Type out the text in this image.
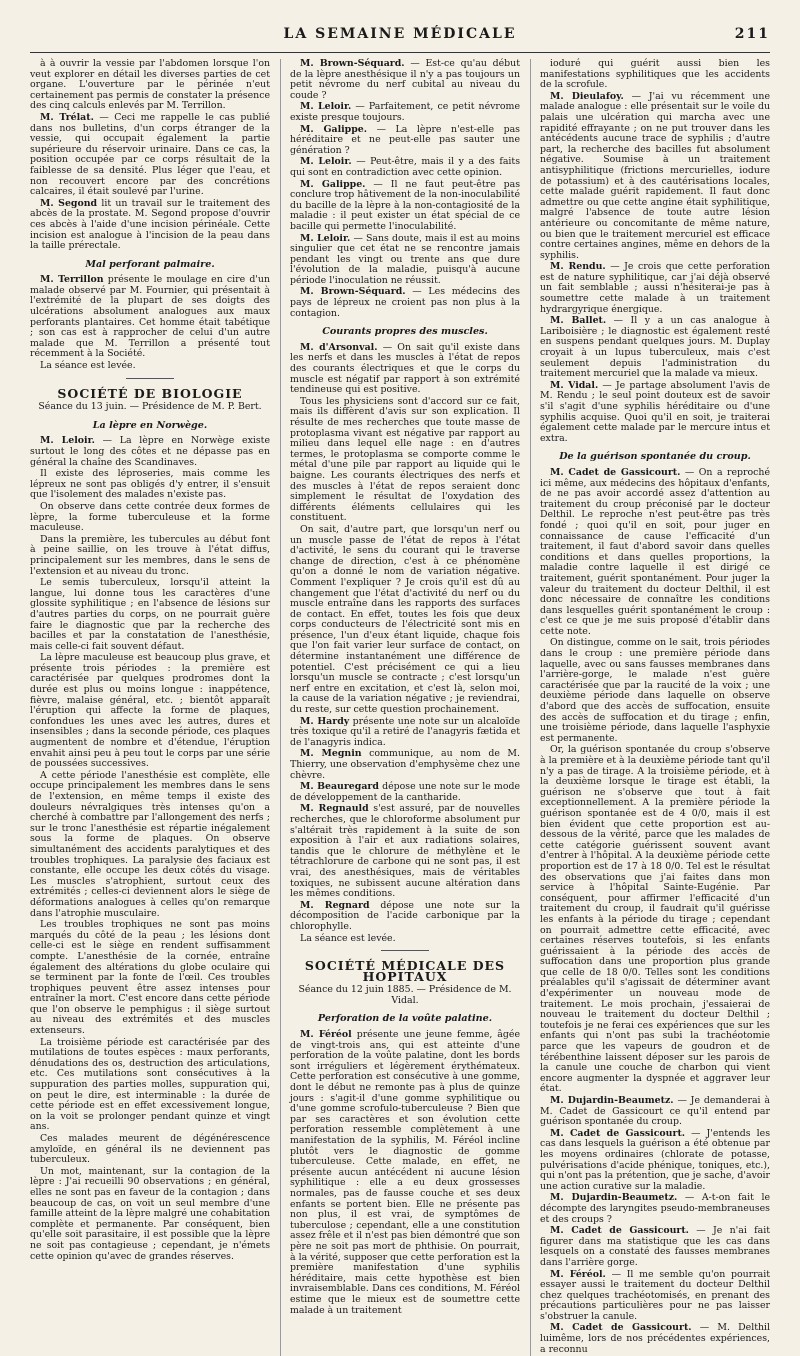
LA SEMAINE MÉDICALE	211

à à ouvrir la vessie par l'abdomen lorsque l'on veut explorer en détail les diverses parties de cet organe. L'ouverture par le périnée n'eut certainement pas permis de constater la présence des cinq calculs enlevés par M. Terrillon.

M. Trélat. — Ceci me rappelle le cas publié dans nos bulletins, d'un corps étranger de la vessie, qui occupait également la partie supérieure du réservoir urinaire. Dans ce cas, la position occupée par ce corps résultait de la faiblesse de sa densité. Plus léger que l'eau, et non recouvert encore par des concrétions calcaires, il était soulevé par l'urine.

M. Segond lit un travail sur le traitement des abcès de la prostate. M. Segond propose d'ouvrir ces abcès à l'aide d'une incision périnéale. Cette incision est analogue à l'incision de la peau dans la taille prérectale.

Mal perforant palmaire.

M. Terrillon présente le moulage en cire d'un malade observé par M. Fournier, qui présentait à l'extrémité de la plupart de ses doigts des ulcérations absolument analogues aux maux perforants plantaires. Cet homme était tabétique ; son cas est à rapprocher de celui d'un autre malade que M. Terrillon a présenté tout récemment à la Société.

La séance est levée.

SOCIÉTÉ DE BIOLOGIE
Séance du 13 juin. — Présidence de M. P. Bert.
La lèpre en Norwège.

M. Leloir. — La lèpre en Norwège existe surtout le long des côtes et ne dépasse pas en général la chaîne des Scandinaves.

Il existe des léproseries, mais comme les lépreux ne sont pas obligés d'y entrer, il s'ensuit que l'isolement des malades n'existe pas.

On observe dans cette contrée deux formes de lèpre, la forme tuberculeuse et la forme maculeuse.

Dans la première, les tubercules au début font à peine saillie, on les trouve à l'état diffus, principalement sur les membres, dans le sens de l'extension et au niveau du tronc.

Le semis tuberculeux, lorsqu'il atteint la langue, lui donne tous les caractères d'une glossite syphilitique ; en l'absence de lésions sur d'autres parties du corps, on ne pourrait guère faire le diagnostic que par la recherche des bacilles et par la constatation de l'anesthésie, mais celle-ci fait souvent défaut.

La lèpre maculeuse est beaucoup plus grave, et présente trois périodes : la première est caractérisée par quelques prodromes dont la durée est plus ou moins longue : inappétence, fièvre, malaise général, etc. ; bientôt apparaît l'éruption qui affecte la forme de plaques, confondues les unes avec les autres, dures et insensibles ; dans la seconde période, ces plaques augmentent de nombre et d'étendue, l'éruption envahit ainsi peu à peu tout le corps par une série de poussées successives.

A cette période l'anesthésie est complète, elle occupe principalement les membres dans le sens de l'extension, en même temps il existe des douleurs névralgiques très intenses qu'on a cherché à combattre par l'allongement des nerfs ; sur le tronc l'anesthésie est répartie inégalement sous la forme de plaques. On observe simultanément des accidents paralytiques et des troubles trophiques. La paralysie des faciaux est constante, elle occupe les deux côtés du visage. Les muscles s'atrophient, surtout ceux des extrémités ; celles-ci deviennent alors le siège de déformations analogues à celles qu'on remarque dans l'atrophie musculaire.

Les troubles trophiques ne sont pas moins marqués du côté de la peau ; les lésions dont celle-ci est le siège en rendent suffisamment compte. L'anesthésie de la cornée, entraîne également des altérations du globe oculaire qui se terminent par la fonte de l'œil. Ces troubles trophiques peuvent être assez intenses pour entraîner la mort. C'est encore dans cette période que l'on observe le pemphigus : il siège surtout au niveau des extrémités et des muscles extenseurs.

La troisième période est caractérisée par des mutilations de toutes espèces : maux perforants, dénudations des os, destruction des articulations, etc. Ces mutilations sont consécutives à la suppuration des parties molles, suppuration qui, on peut le dire, est interminable : la durée de cette période est en effet excessivement longue, on la voit se prolonger pendant quinze et vingt ans.

Ces malades meurent de dégénérescence amyloïde, en général ils ne deviennent pas tuberculeux.

Un mot, maintenant, sur la contagion de la lèpre : J'ai recueilli 90 observations ; en général, elles ne sont pas en faveur de la contagion ; dans beaucoup de cas, on voit un seul membre d'une famille atteint de la lèpre malgré une cohabitation complète et permanente. Par conséquent, bien qu'elle soit parasitaire, il est possible que la lèpre ne soit pas contagieuse ; cependant, je n'émets cette opinion qu'avec de grandes réserves.

M. Brown-Séquard. — Est-ce qu'au début de la lèpre anesthésique il n'y a pas toujours un petit névrome du nerf cubital au niveau du coude ?

M. Leloir. — Parfaitement, ce petit névrome existe presque toujours.

M. Galippe. — La lèpre n'est-elle pas héréditaire et ne peut-elle pas sauter une génération ?

M. Leloir. — Peut-être, mais il y a des faits qui sont en contradiction avec cette opinion.

M. Galippe. — Il ne faut peut-être pas conclure trop hâtivement de la non-inoculabilité du bacille de la lèpre à la non-contagiosité de la maladie : il peut exister un état spécial de ce bacille qui permette l'inoculabilité.

M. Leloir. — Sans doute, mais il est au moins singulier que cet état ne se rencontre jamais pendant les vingt ou trente ans que dure l'évolution de la maladie, puisqu'à aucune période l'inoculation ne réussit.

M. Brown-Séquard. — Les médecins des pays de lépreux ne croient pas non plus à la contagion.

Courants propres des muscles.

M. d'Arsonval. — On sait qu'il existe dans les nerfs et dans les muscles à l'état de repos des courants électriques et que le corps du muscle est négatif par rapport à son extrémité tendineuse qui est positive.

Tous les physiciens sont d'accord sur ce fait, mais ils diffèrent d'avis sur son explication. Il résulte de mes recherches que toute masse de protoplasma vivant est négative par rapport au milieu dans lequel elle nage : en d'autres termes, le protoplasma se comporte comme le métal d'une pile par rapport au liquide qui le baigne. Les courants électriques des nerfs et des muscles à l'état de repos seraient donc simplement le résultat de l'oxydation des différents éléments cellulaires qui les constituent.

On sait, d'autre part, que lorsqu'un nerf ou un muscle passe de l'état de repos à l'état d'activité, le sens du courant qui le traverse change de direction, c'est à ce phénomène qu'on a donné le nom de variation négative. Comment l'expliquer ? Je crois qu'il est dû au changement que l'état d'activité du nerf ou du muscle entraîne dans les rapports des surfaces de contact. En effet, toutes les fois que deux corps conducteurs de l'électricité sont mis en présence, l'un d'eux étant liquide, chaque fois que l'on fait varier leur surface de contact, on détermine instantanément une différence de potentiel. C'est précisément ce qui a lieu lorsqu'un muscle se contracte ; c'est lorsqu'un nerf entre en excitation, et c'est là, selon moi, la cause de la variation négative ; je reviendrai, du reste, sur cette question prochainement.

M. Hardy présente une note sur un alcaloïde très toxique qu'il a retiré de l'anagyris fætida et de l'anagyris indica.

M. Megnin communique, au nom de M. Thierry, une observation d'emphysème chez une chèvre.

M. Beauregard dépose une note sur le mode de développement de la cantharide.

M. Regnauld s'est assuré, par de nouvelles recherches, que le chloroforme absolument pur s'altérait très rapidement à la suite de son exposition à l'air et aux radiations solaires, tandis que le chlorure de méthylène et le tétrachlorure de carbone qui ne sont pas, il est vrai, des anesthésiques, mais de véritables toxiques, ne subissent aucune altération dans les mêmes conditions.

M. Regnard dépose une note sur la décomposition de l'acide carbonique par la chlorophylle.

La séance est levée.

SOCIÉTÉ MÉDICALE DES HOPITAUX
Séance du 12 juin 1885. — Présidence de M. Vidal.
Perforation de la voûte palatine.

M. Féréol présente une jeune femme, âgée de vingt-trois ans, qui est atteinte d'une perforation de la voûte palatine, dont les bords sont irréguliers et légèrement érythémateux. Cette perforation est consécutive à une gomme, dont le début ne remonte pas à plus de quinze jours : s'agit-il d'une gomme syphilitique ou d'une gomme scrofulo-tuberculeuse ? Bien que par ses caractères et son évolution cette perforation ressemble complètement à une manifestation de la syphilis, M. Féréol incline plutôt vers le diagnostic de gomme tuberculeuse. Cette malade, en effet, ne présente aucun antécédent ni aucune lésion syphilitique : elle a eu deux grossesses normales, pas de fausse couche et ses deux enfants se portent bien. Elle ne présente pas non plus, il est vrai, de symptômes de tuberculose ; cependant, elle a une constitution assez frêle et il n'est pas bien démontré que son père ne soit pas mort de phthisie. On pourrait, à la vérité, supposer que cette perforation est la première manifestation d'une syphilis héréditaire, mais cette hypothèse est bien invraisemblable. Dans ces conditions, M. Féréol estime que le mieux est de soumettre cette malade à un traitement

ioduré qui guérit aussi bien les manifestations syphilitiques que les accidents de la scrofule.

M. Dieulafoy. — J'ai vu récemment une malade analogue : elle présentait sur le voile du palais une ulcération qui marcha avec une rapidité effrayante ; on ne put trouver dans les antécédents aucune trace de syphilis ; d'autre part, la recherche des bacilles fut absolument négative. Soumise à un traitement antisyphilitique (frictions mercurielles, iodure de potassium) et à des cautérisations locales, cette malade guérit rapidement. Il faut donc admettre ou que cette angine était syphilitique, malgré l'absence de toute autre lésion antérieure ou concomitante de même nature, ou bien que le traitement mercuriel est efficace contre certaines angines, même en dehors de la syphilis.

M. Rendu. — Je crois que cette perforation est de nature syphilitique, car j'ai déjà observé un fait semblable ; aussi n'hésiterai-je pas à soumettre cette malade à un traitement hydrargyrique énergique.

M. Ballet. — Il y a un cas analogue à Lariboisière ; le diagnostic est également resté en suspens pendant quelques jours. M. Duplay croyait à un lupus tuberculeux, mais c'est seulement depuis l'administration du traitement mercuriel que la malade va mieux.

M. Vidal. — Je partage absolument l'avis de M. Rendu ; le seul point douteux est de savoir s'il s'agit d'une syphilis héréditaire ou d'une syphilis acquise. Quoi qu'il en soit, je traiterai également cette malade par le mercure intus et extra.

De la guérison spontanée du croup.

M. Cadet de Gassicourt. — On a reproché ici même, aux médecins des hôpitaux d'enfants, de ne pas avoir accordé assez d'attention au traitement du croup préconisé par le docteur Delthil. Le reproche n'est peut-être pas très fondé ; quoi qu'il en soit, pour juger en connaissance de cause l'efficacité d'un traitement, il faut d'abord savoir dans quelles conditions et dans quelles proportions, la maladie contre laquelle il est dirigé ce traitement, guérit spontanément. Pour juger la valeur du traitement du docteur Delthil, il est donc nécessaire de connaître les conditions dans lesquelles guérit spontanément le croup : c'est ce que je me suis proposé d'établir dans cette note.

On distingue, comme on le sait, trois périodes dans le croup : une première période dans laquelle, avec ou sans fausses membranes dans l'arrière-gorge, le malade n'est guère caractérisée que par la raucité de la voix ; une deuxième période dans laquelle on observe d'abord que des accès de suffocation, ensuite des accès de suffocation et du tirage ; enfin, une troisième période, dans laquelle l'asphyxie est permanente.

Or, la guérison spontanée du croup s'observe à la première et à la deuxième période tant qu'il n'y a pas de tirage. A la troisième période, et à la deuxième lorsque le tirage est établi, la guérison ne s'observe que tout à fait exceptionnellement. A la première période la guérison spontanée est de 4 0/0, mais il est bien évident que cette proportion est au-dessous de la vérité, parce que les malades de cette catégorie guérissent souvent avant d'entrer à l'hôpital. A la deuxième période cette proportion est de 17 à 18 0/0. Tel est le résultat des observations que j'ai faites dans mon service à l'hôpital Sainte-Eugénie. Par conséquent, pour affirmer l'efficacité d'un traitement du croup, il faudrait qu'il guérisse les enfants à la période du tirage ; cependant on pourrait admettre cette efficacité, avec certaines réserves toutefois, si les enfants guérissaient à la période des accès de suffocation dans une proportion plus grande que celle de 18 0/0. Telles sont les conditions préalables qu'il s'agissait de déterminer avant d'expérimenter un nouveau mode de traitement. Le mois prochain, j'essaierai de nouveau le traitement du docteur Delthil ; toutefois je ne ferai ces expériences que sur les enfants qui n'ont pas subi la trachéotomie parce que les vapeurs de goudron et de térébenthine laissent déposer sur les parois de la canule une couche de charbon qui vient encore augmenter la dyspnée et aggraver leur état.

M. Dujardin-Beaumetz. — Je demanderai à M. Cadet de Gassicourt ce qu'il entend par guérison spontanée du croup.

M. Cadet de Gassicourt. — J'entends les cas dans lesquels la guérison a été obtenue par les moyens ordinaires (chlorate de potasse, pulvérisations d'acide phénique, toniques, etc.), qui n'ont pas la prétention, que je sache, d'avoir une action curative sur la maladie.

M. Dujardin-Beaumetz. — A-t-on fait le décompte des laryngites pseudo-membraneuses et des croups ?

M. Cadet de Gassicourt. — Je n'ai fait figurer dans ma statistique que les cas dans lesquels on a constaté des fausses membranes dans l'arrière gorge.

M. Féréol. — Il me semble qu'on pourrait essayer aussi le traitement du docteur Delthil chez quelques trachéotomisés, en prenant des précautions particulières pour ne pas laisser s'obstruer la canule.

M. Cadet de Gassicourt. — M. Delthil luimême, lors de nos précédentes expériences, a reconnu
